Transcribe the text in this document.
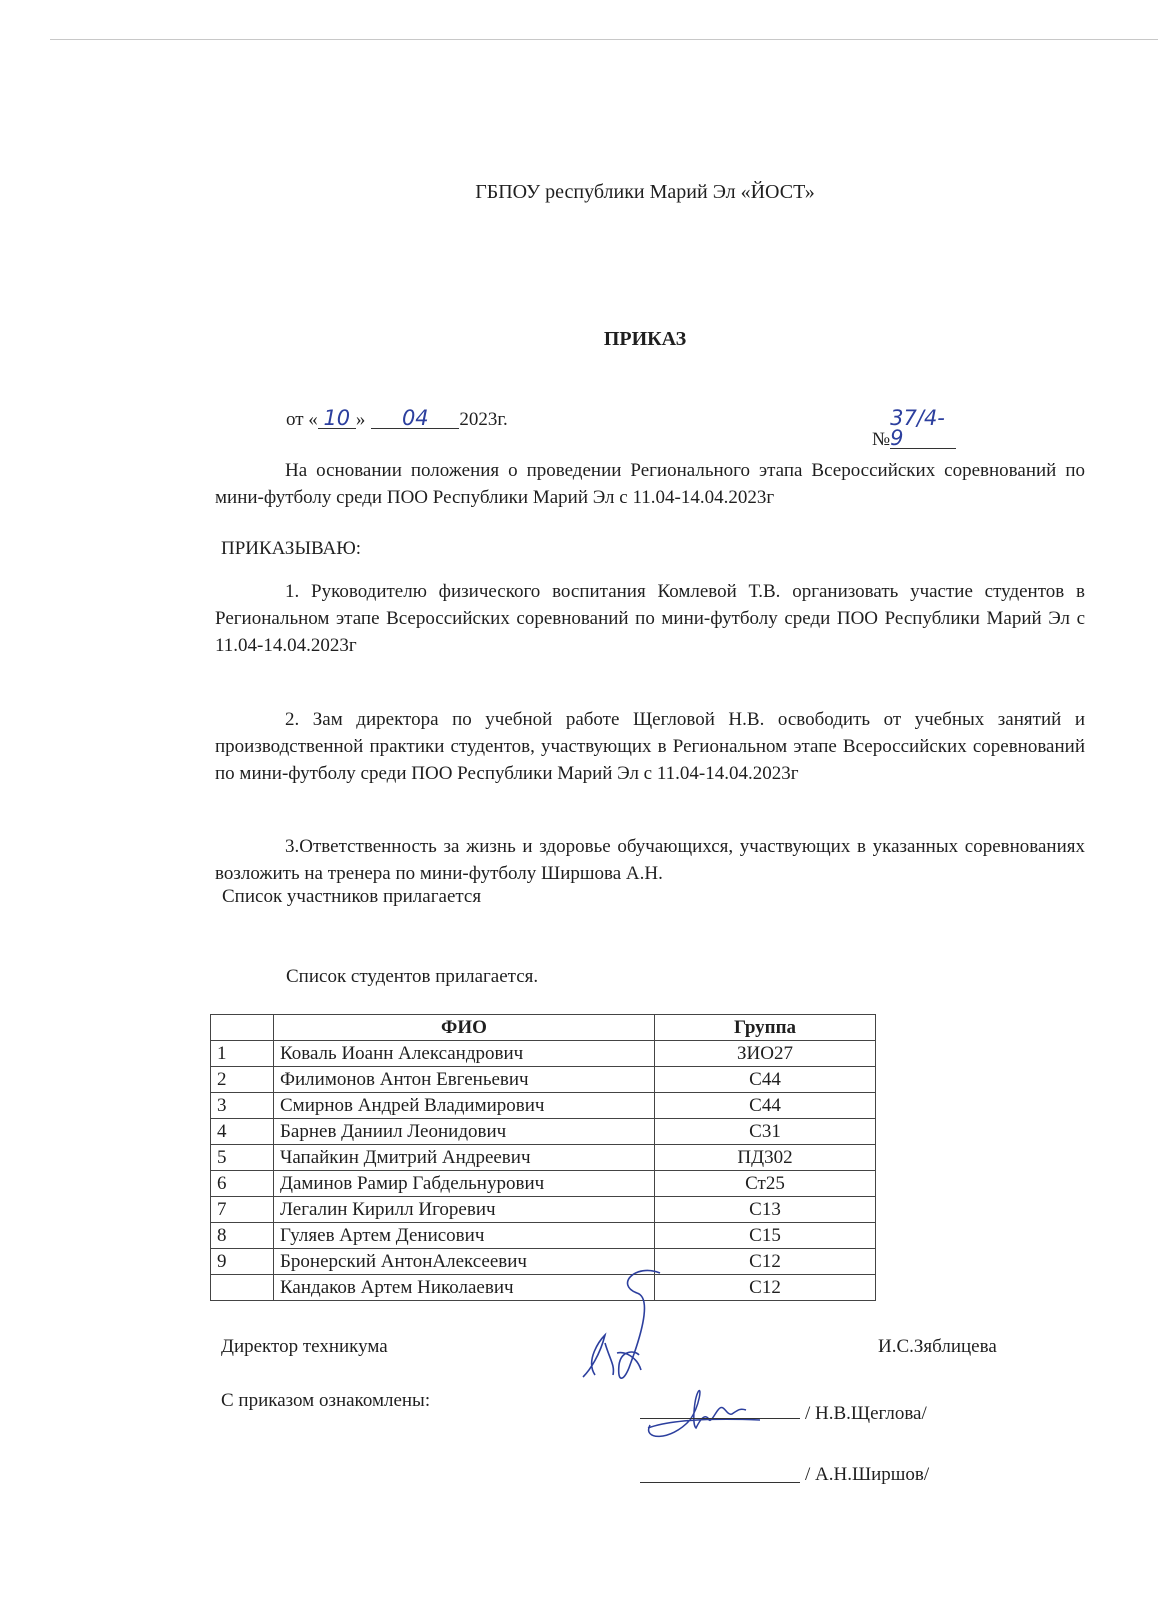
ГБПОУ республики Марий Эл «ЙОСТ»
ПРИКАЗ
от « 10 » 04 2023г.
№37/4-9
На основании положения о проведении Регионального этапа Всероссийских соревнований по мини-футболу среди ПОО Республики Марий Эл с 11.04-14.04.2023г
ПРИКАЗЫВАЮ:
1. Руководителю физического воспитания Комлевой Т.В. организовать участие студентов в Региональном этапе Всероссийских соревнований по мини-футболу среди ПОО Республики Марий Эл с 11.04-14.04.2023г
2. Зам директора по учебной работе Щегловой Н.В. освободить от учебных занятий и производственной практики студентов, участвующих в Региональном этапе Всероссийских соревнований по мини-футболу среди ПОО Республики Марий Эл с 11.04-14.04.2023г
3.Ответственность за жизнь и здоровье обучающихся, участвующих в указанных соревнованиях возложить на тренера по мини-футболу Ширшова А.Н.
Список участников прилагается
Список студентов прилагается.
	ФИО	Группа
1	Коваль Иоанн Александрович	ЗИО27
2	Филимонов Антон Евгеньевич	С44
3	Смирнов Андрей Владимирович	С44
4	Барнев Даниил Леонидович	С31
5	Чапайкин Дмитрий Андреевич	ПД302
6	Даминов Рамир Габдельнурович	Ст25
7	Легалин Кирилл Игоревич	С13
8	Гуляев Артем Денисович	С15
9	Бронерский АнтонАлексеевич	С12
	Кандаков Артем Николаевич	С12
Директор техникума	И.С.Зяблицева
С приказом ознакомлены:
/ Н.В.Щеглова/
/ А.Н.Ширшов/
